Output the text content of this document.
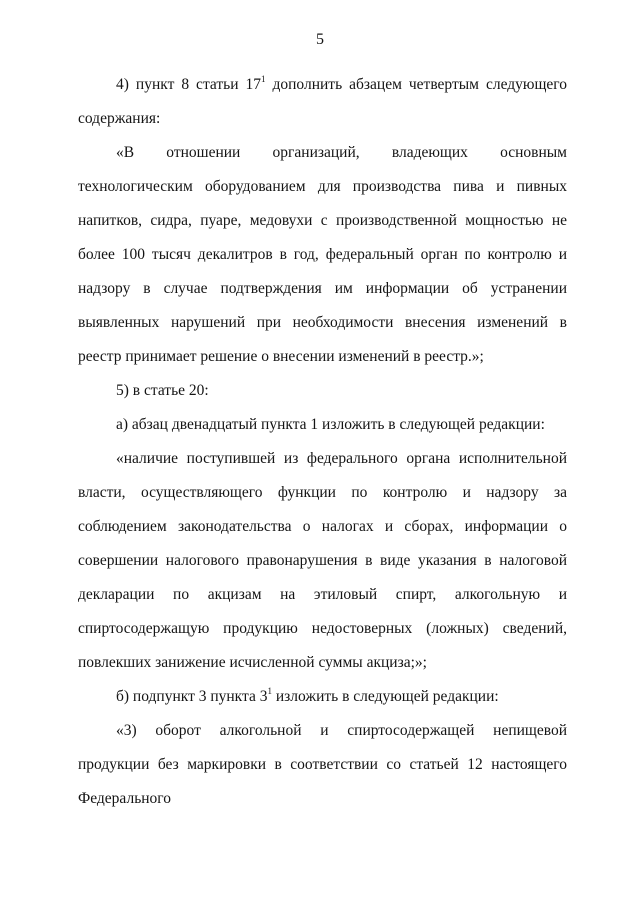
5

4) пункт 8 статьи $17^1$ дополнить абзацем четвертым следующего содержания:

«В отношении организаций, владеющих основным технологическим оборудованием для производства пива и пивных напитков, сидра, пуаре, медовухи с производственной мощностью не более 100 тысяч декалитров в год, федеральный орган по контролю и надзору в случае подтверждения им информации об устранении выявленных нарушений при необходимости внесения изменений в реестр принимает решение о внесении изменений в реестр.»;

5) в статье 20:

а) абзац двенадцатый пункта 1 изложить в следующей редакции:

«наличие поступившей из федерального органа исполнительной власти, осуществляющего функции по контролю и надзору за соблюдением законодательства о налогах и сборах, информации о совершении налогового правонарушения в виде указания в налоговой декларации по акцизам на этиловый спирт, алкогольную и спиртосодержащую продукцию недостоверных (ложных) сведений, повлекших занижение исчисленной суммы акциза;»;

б) подпункт 3 пункта $3^1$ изложить в следующей редакции:

«3) оборот алкогольной и спиртосодержащей непищевой продукции без маркировки в соответствии со статьей 12 настоящего Федерального
